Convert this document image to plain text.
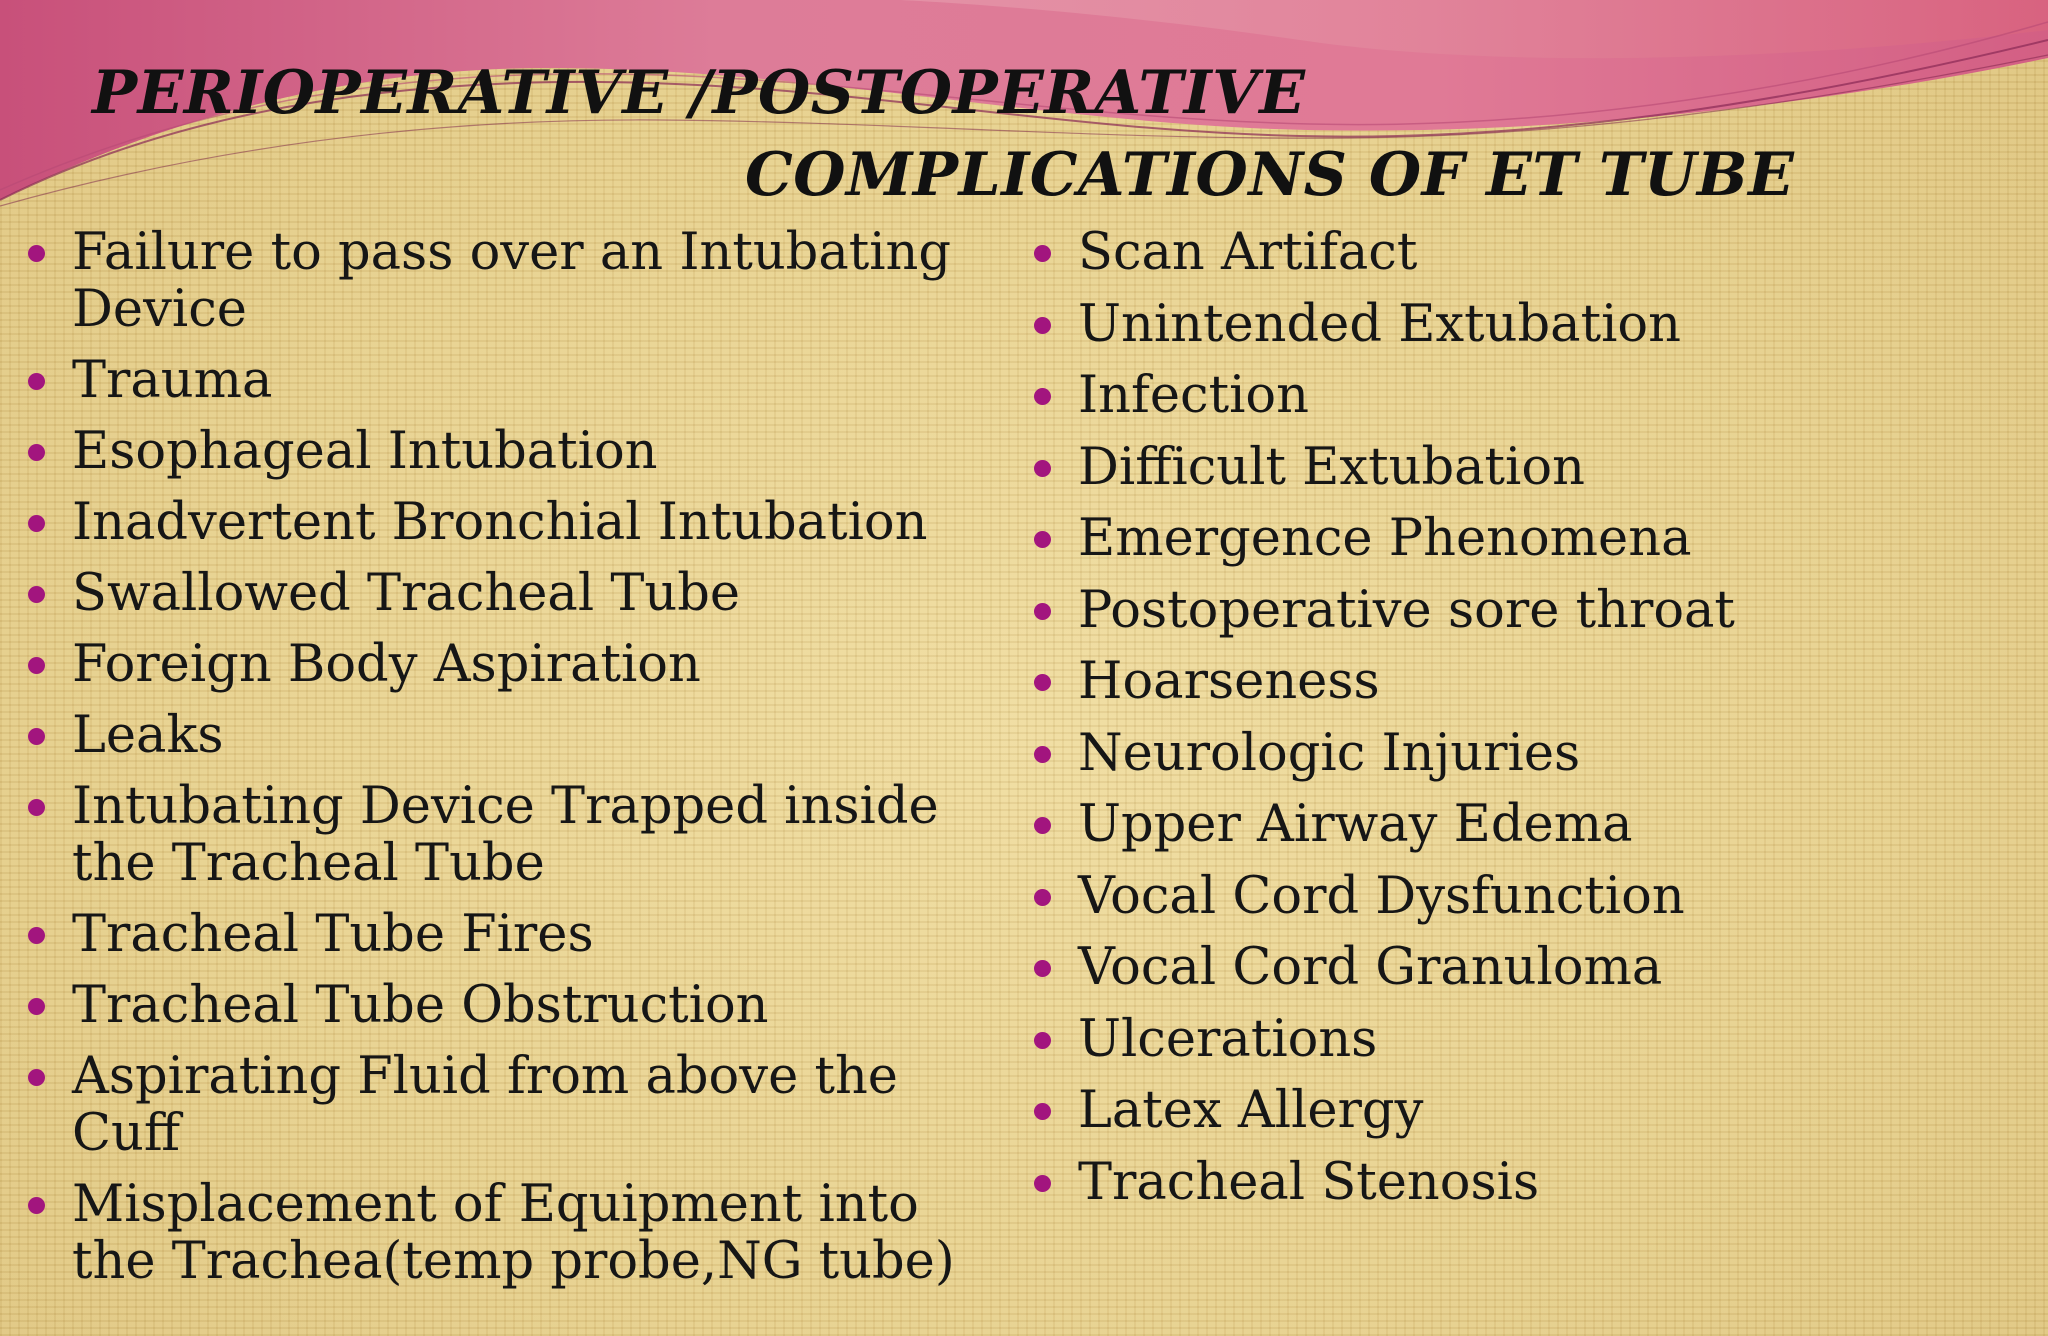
PERIOPERATIVE /POSTOPERATIVE
COMPLICATIONS OF ET TUBE
Failure to pass over an Intubating Device
Trauma
Esophageal Intubation
Inadvertent Bronchial Intubation
Swallowed Tracheal Tube
Foreign Body Aspiration
Leaks
Intubating Device Trapped inside the Tracheal Tube
Tracheal Tube Fires
Tracheal Tube Obstruction
Aspirating Fluid from above the Cuff
Misplacement of Equipment into the Trachea(temp probe,NG tube)
Scan Artifact
Unintended Extubation
Infection
Difficult Extubation
Emergence Phenomena
Postoperative sore throat
Hoarseness
Neurologic Injuries
Upper Airway Edema
Vocal Cord Dysfunction
Vocal Cord Granuloma
Ulcerations
Latex Allergy
Tracheal Stenosis
